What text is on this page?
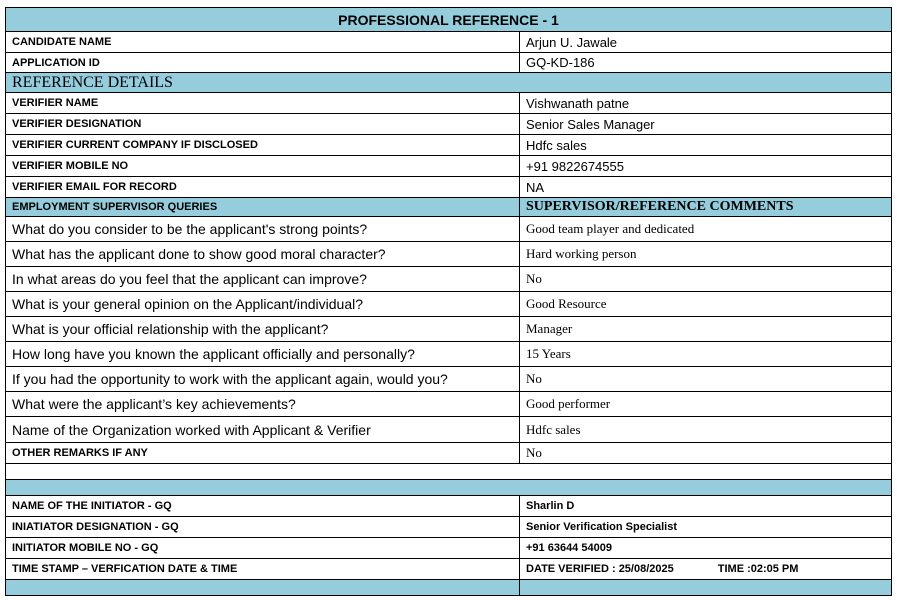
PROFESSIONAL REFERENCE - 1	
CANDIDATE NAME	Arjun U. Jawale
APPLICATION ID	GQ-KD-186
REFERENCE DETAILS	
VERIFIER NAME	Vishwanath patne
VERIFIER DESIGNATION	Senior Sales Manager
VERIFIER CURRENT COMPANY IF DISCLOSED	Hdfc sales
VERIFIER MOBILE NO	+91 9822674555
VERIFIER EMAIL FOR RECORD	NA
EMPLOYMENT SUPERVISOR QUERIES	SUPERVISOR/REFERENCE COMMENTS
What do you consider to be the applicant's strong points?	Good team player and dedicated
What has the applicant done to show good moral character?	Hard working person
In what areas do you feel that the applicant can improve?	No
What is your general opinion on the Applicant/individual?	Good Resource
What is your official relationship with the applicant?	Manager
How long have you known the applicant officially and personally?	15 Years
If you had the opportunity to work with the applicant again, would you?	No
What were the applicant’s key achievements?	Good performer
Name of the Organization worked with Applicant & Verifier	Hdfc sales
OTHER REMARKS IF ANY	No

NAME OF THE INITIATOR - GQ	Sharlin D
INIATIATOR DESIGNATION - GQ	Senior Verification Specialist
INITIATOR MOBILE NO - GQ	+91 63644 54009
TIME STAMP – VERFICATION DATE & TIME	DATE VERIFIED : 25/08/2025 TIME :02:05 PM
